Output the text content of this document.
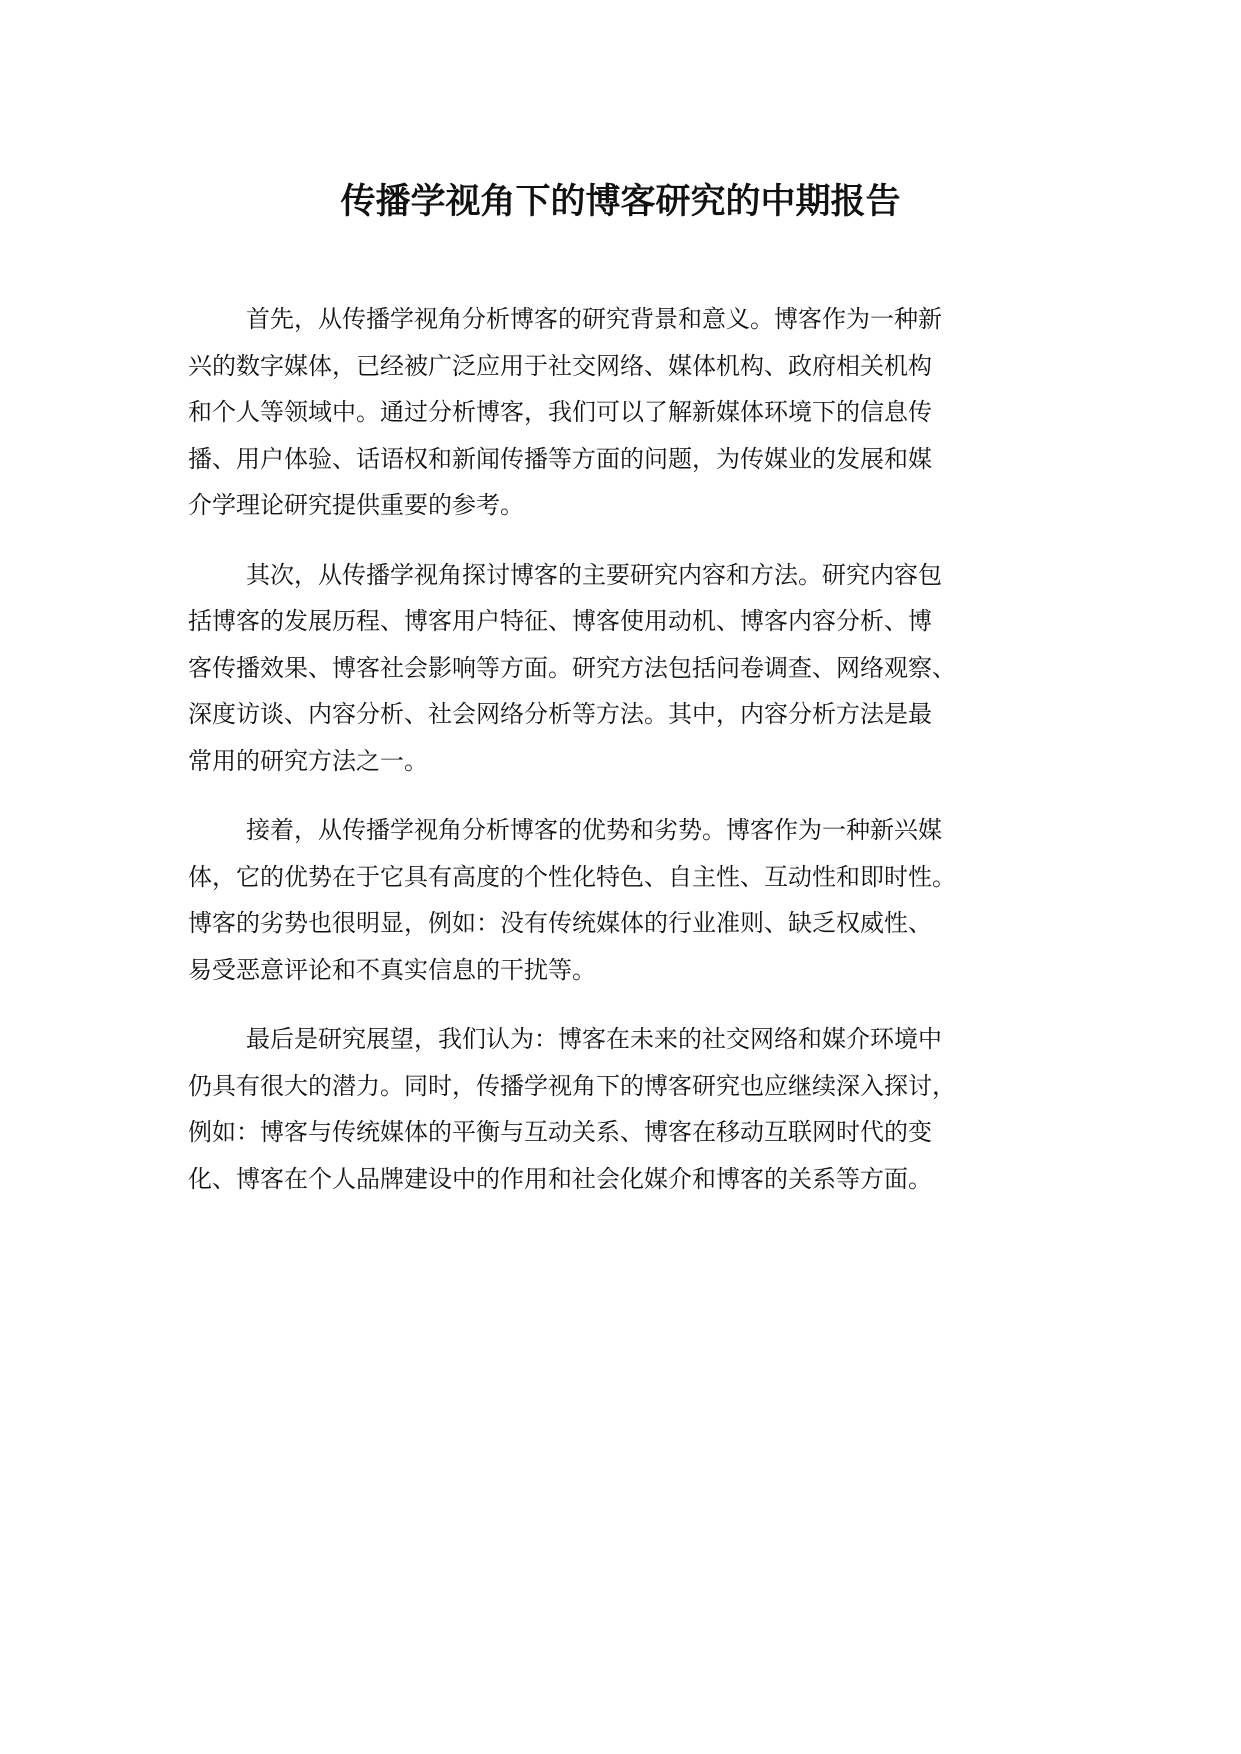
传播学视角下的博客研究的中期报告

首先，从传播学视角分析博客的研究背景和意义。博客作为一种新
兴的数字媒体，已经被广泛应用于社交网络、媒体机构、政府相关机构
和个人等领域中。通过分析博客，我们可以了解新媒体环境下的信息传
播、用户体验、话语权和新闻传播等方面的问题，为传媒业的发展和媒
介学理论研究提供重要的参考。

其次，从传播学视角探讨博客的主要研究内容和方法。研究内容包
括博客的发展历程、博客用户特征、博客使用动机、博客内容分析、博
客传播效果、博客社会影响等方面。研究方法包括问卷调查、网络观察、
深度访谈、内容分析、社会网络分析等方法。其中，内容分析方法是最
常用的研究方法之一。

接着，从传播学视角分析博客的优势和劣势。博客作为一种新兴媒
体，它的优势在于它具有高度的个性化特色、自主性、互动性和即时性。
博客的劣势也很明显，例如：没有传统媒体的行业准则、缺乏权威性、
易受恶意评论和不真实信息的干扰等。

最后是研究展望，我们认为：博客在未来的社交网络和媒介环境中
仍具有很大的潜力。同时，传播学视角下的博客研究也应继续深入探讨，
例如：博客与传统媒体的平衡与互动关系、博客在移动互联网时代的变
化、博客在个人品牌建设中的作用和社会化媒介和博客的关系等方面。
